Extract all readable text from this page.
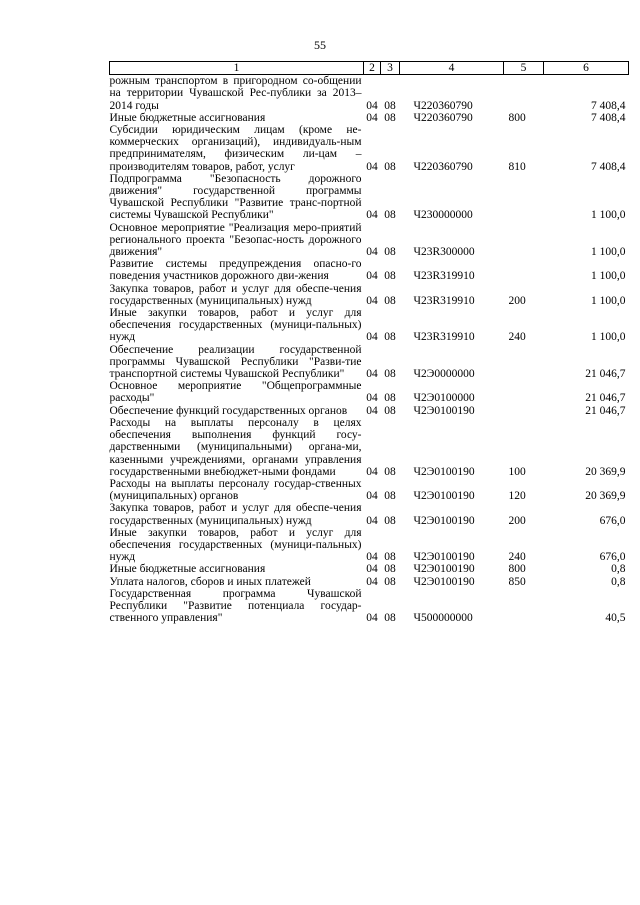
55
1	2	3	4	5	6
рожным транспортом в пригородном со-общении на территории Чувашской Рес-публики за 2013–2014 годы	04	08	Ч220360790		7 408,4
Иные бюджетные ассигнования	04	08	Ч220360790	800	7 408,4
Субсидии юридическим лицам (кроме не-коммерческих организаций), индивидуаль-ным предпринимателям, физическим ли-цам – производителям товаров, работ, услуг	04	08	Ч220360790	810	7 408,4
Подпрограмма "Безопасность дорожного движения" государственной программы Чувашской Республики "Развитие транс-портной системы Чувашской Республики"	04	08	Ч230000000		1 100,0
Основное мероприятие "Реализация меро-приятий регионального проекта "Безопас-ность дорожного движения"	04	08	Ч23R300000		1 100,0
Развитие системы предупреждения опасно-го поведения участников дорожного дви-жения	04	08	Ч23R319910		1 100,0
Закупка товаров, работ и услуг для обеспе-чения государственных (муниципальных) нужд	04	08	Ч23R319910	200	1 100,0
Иные закупки товаров, работ и услуг для обеспечения государственных (муници-пальных) нужд	04	08	Ч23R319910	240	1 100,0
Обеспечение реализации государственной программы Чувашской Республики "Разви-тие транспортной системы Чувашской Республики"	04	08	Ч2Э0000000		21 046,7
Основное мероприятие "Общепрограммные расходы"	04	08	Ч2Э0100000		21 046,7
Обеспечение функций государственных органов	04	08	Ч2Э0100190		21 046,7
Расходы на выплаты персоналу в целях обеспечения выполнения функций госу-дарственными (муниципальными) органа-ми, казенными учреждениями, органами управления государственными внебюджет-ными фондами	04	08	Ч2Э0100190	100	20 369,9
Расходы на выплаты персоналу государ-ственных (муниципальных) органов	04	08	Ч2Э0100190	120	20 369,9
Закупка товаров, работ и услуг для обеспе-чения государственных (муниципальных) нужд	04	08	Ч2Э0100190	200	676,0
Иные закупки товаров, работ и услуг для обеспечения государственных (муници-пальных) нужд	04	08	Ч2Э0100190	240	676,0
Иные бюджетные ассигнования	04	08	Ч2Э0100190	800	0,8
Уплата налогов, сборов и иных платежей	04	08	Ч2Э0100190	850	0,8
Государственная программа Чувашской Республики "Развитие потенциала государ-ственного управления"	04	08	Ч500000000		40,5
